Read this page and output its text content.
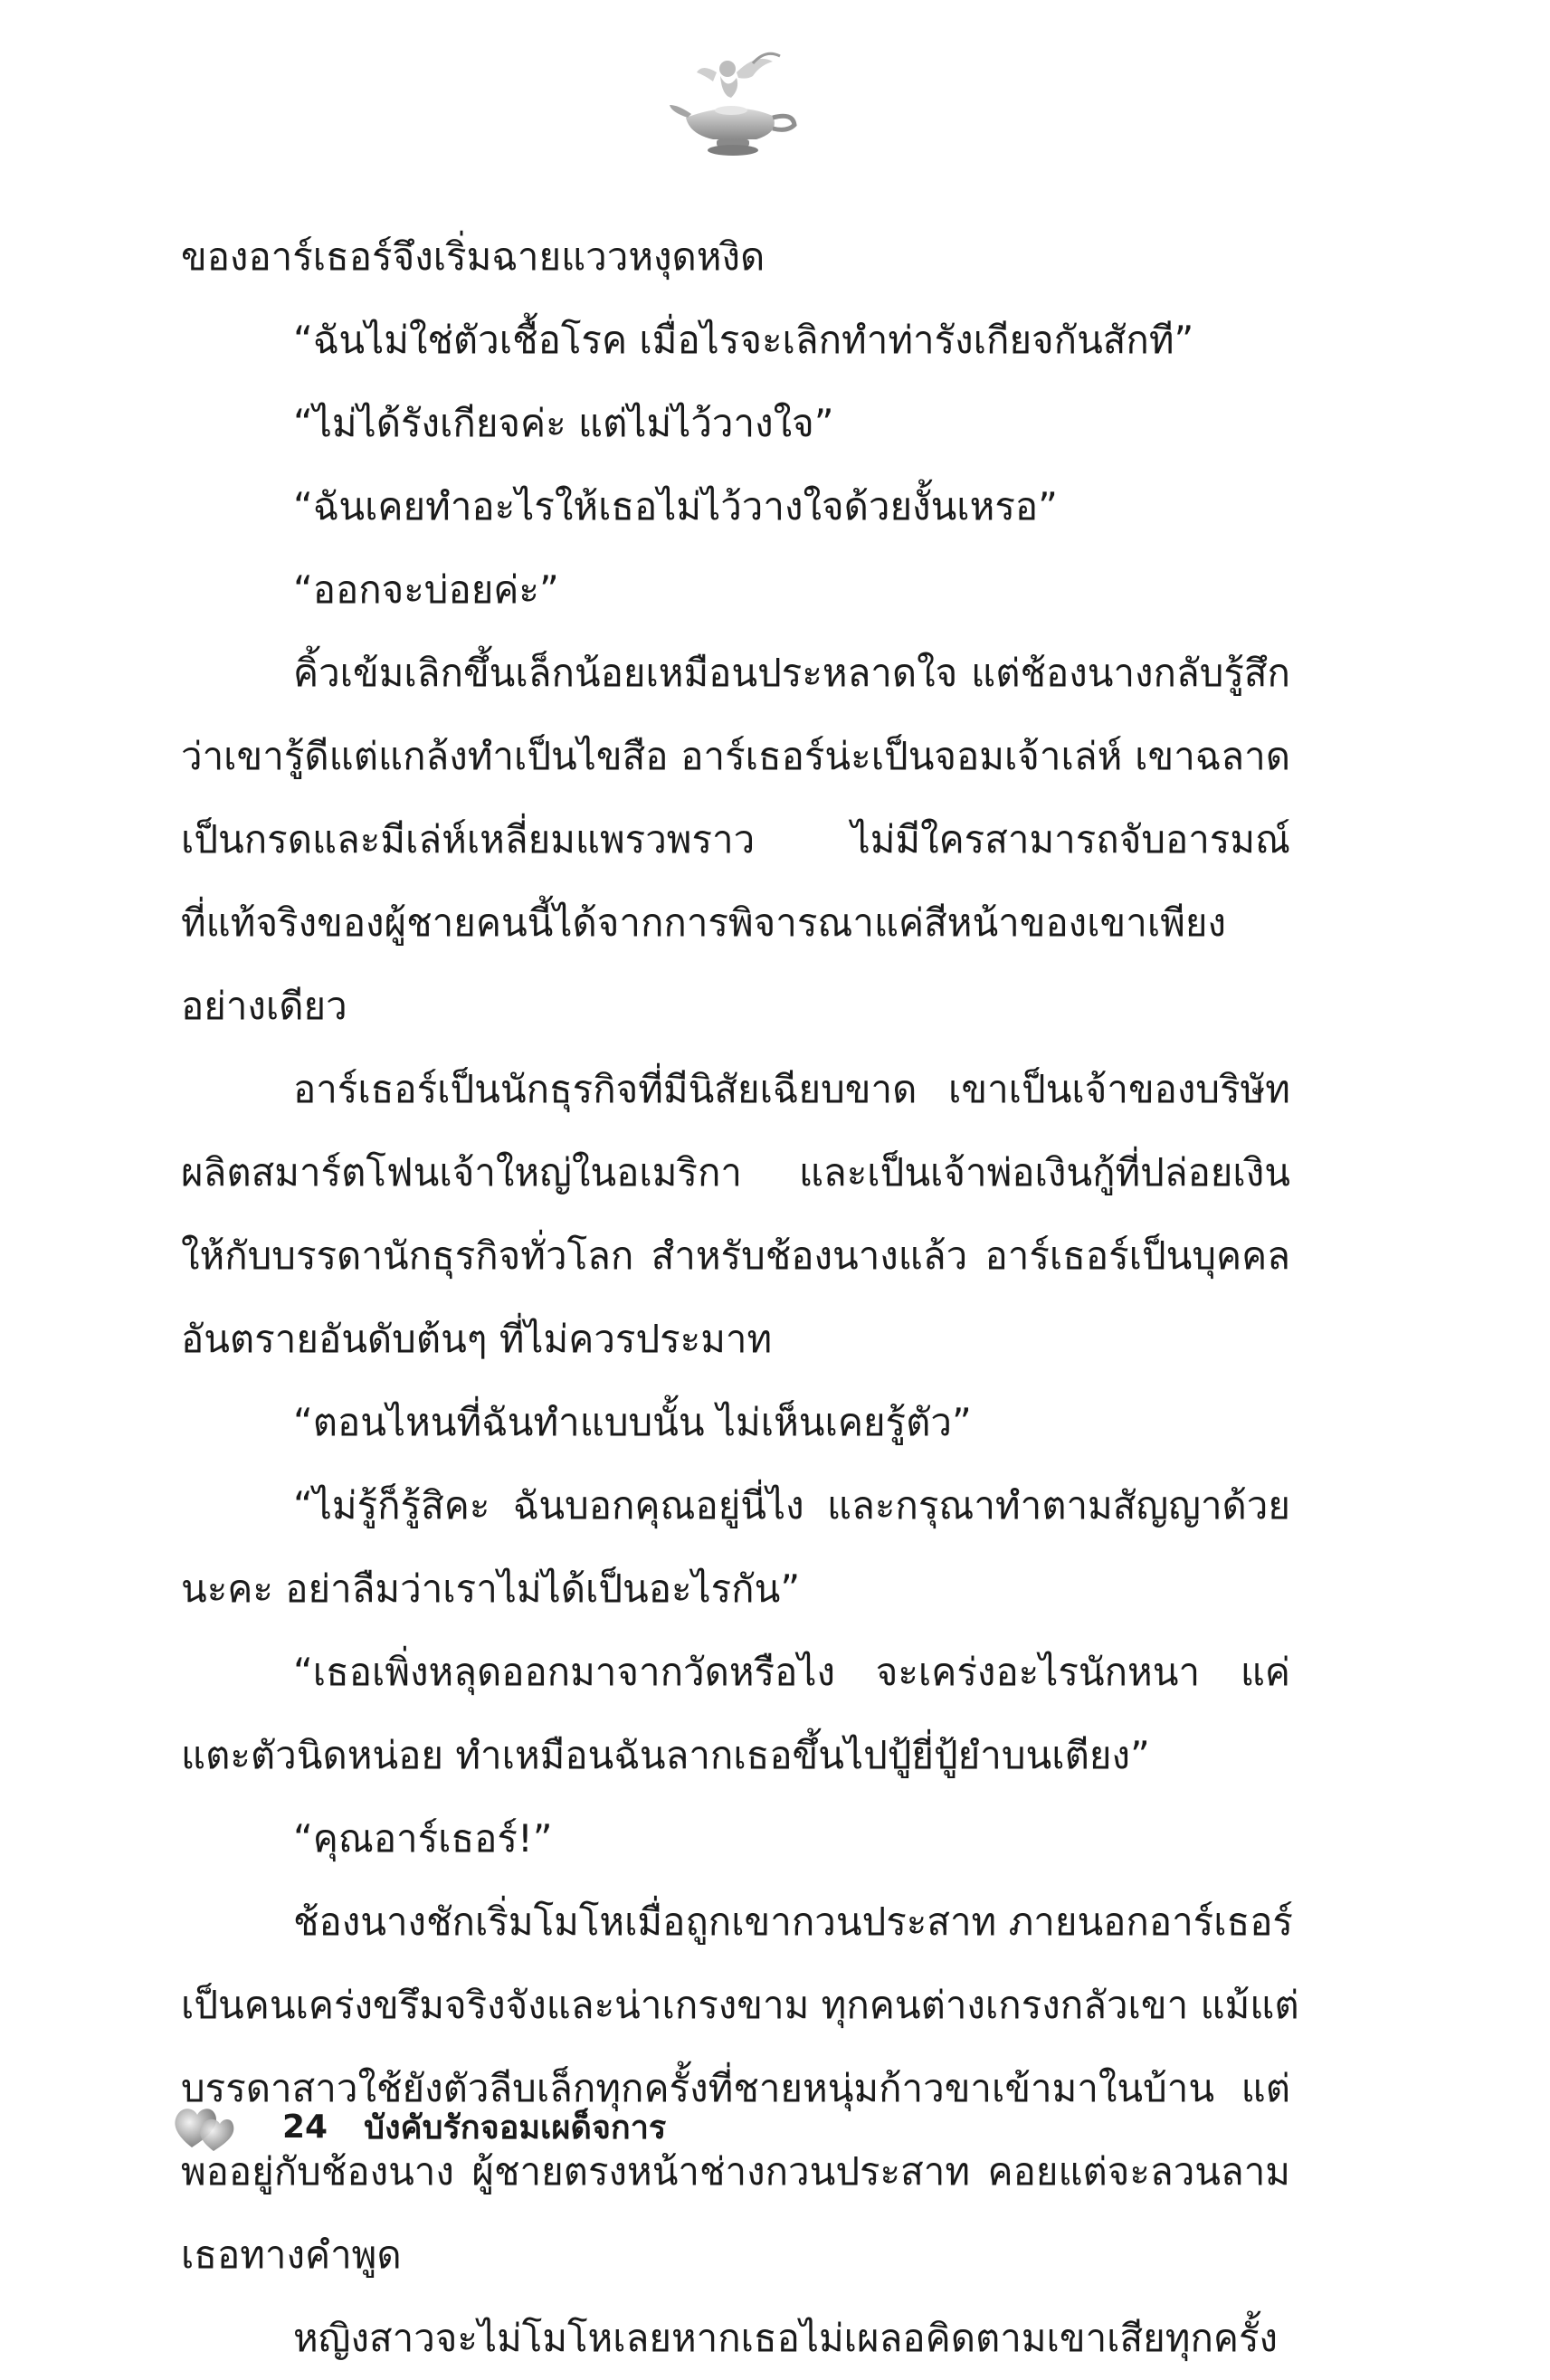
ของอาร์เธอร์จึงเริ่มฉายแววหงุดหงิด
“ฉันไม่ใช่ตัวเชื้อโรค เมื่อไรจะเลิกทำท่ารังเกียจกันสักที”
“ไม่ได้รังเกียจค่ะ แต่ไม่ไว้วางใจ”
“ฉันเคยทำอะไรให้เธอไม่ไว้วางใจด้วยงั้นเหรอ”
“ออกจะบ่อยค่ะ”
คิ้วเข้มเลิกขึ้นเล็กน้อยเหมือนประหลาดใจ แต่ช้องนางกลับรู้สึก
ว่าเขารู้ดีแต่แกล้งทำเป็นไขสือ อาร์เธอร์น่ะเป็นจอมเจ้าเล่ห์ เขาฉลาด
เป็นกรดและมีเล่ห์เหลี่ยมแพรวพราว ไม่มีใครสามารถจับอารมณ์
ที่แท้จริงของผู้ชายคนนี้ได้จากการพิจารณาแค่สีหน้าของเขาเพียง
อย่างเดียว
อาร์เธอร์เป็นนักธุรกิจที่มีนิสัยเฉียบขาด เขาเป็นเจ้าของบริษัท
ผลิตสมาร์ตโฟนเจ้าใหญ่ในอเมริกา และเป็นเจ้าพ่อเงินกู้ที่ปล่อยเงิน
ให้กับบรรดานักธุรกิจทั่วโลก สำหรับช้องนางแล้ว อาร์เธอร์เป็นบุคคล
อันตรายอันดับต้นๆ ที่ไม่ควรประมาท
“ตอนไหนที่ฉันทำแบบนั้น ไม่เห็นเคยรู้ตัว”
“ไม่รู้ก็รู้สิคะ ฉันบอกคุณอยู่นี่ไง และกรุณาทำตามสัญญาด้วย
นะคะ อย่าลืมว่าเราไม่ได้เป็นอะไรกัน”
“เธอเพิ่งหลุดออกมาจากวัดหรือไง จะเคร่งอะไรนักหนา แค่
แตะตัวนิดหน่อย ทำเหมือนฉันลากเธอขึ้นไปปู้ยี่ปู้ยำบนเตียง”
“คุณอาร์เธอร์!”
ช้องนางชักเริ่มโมโหเมื่อถูกเขากวนประสาท ภายนอกอาร์เธอร์
เป็นคนเคร่งขรึมจริงจังและน่าเกรงขาม ทุกคนต่างเกรงกลัวเขา แม้แต่
บรรดาสาวใช้ยังตัวลีบเล็กทุกครั้งที่ชายหนุ่มก้าวขาเข้ามาในบ้าน แต่
พออยู่กับช้องนาง ผู้ชายตรงหน้าช่างกวนประสาท คอยแต่จะลวนลาม
เธอทางคำพูด
หญิงสาวจะไม่โมโหเลยหากเธอไม่เผลอคิดตามเขาเสียทุกครั้ง
24 บังคับรักจอมเผด็จการ
